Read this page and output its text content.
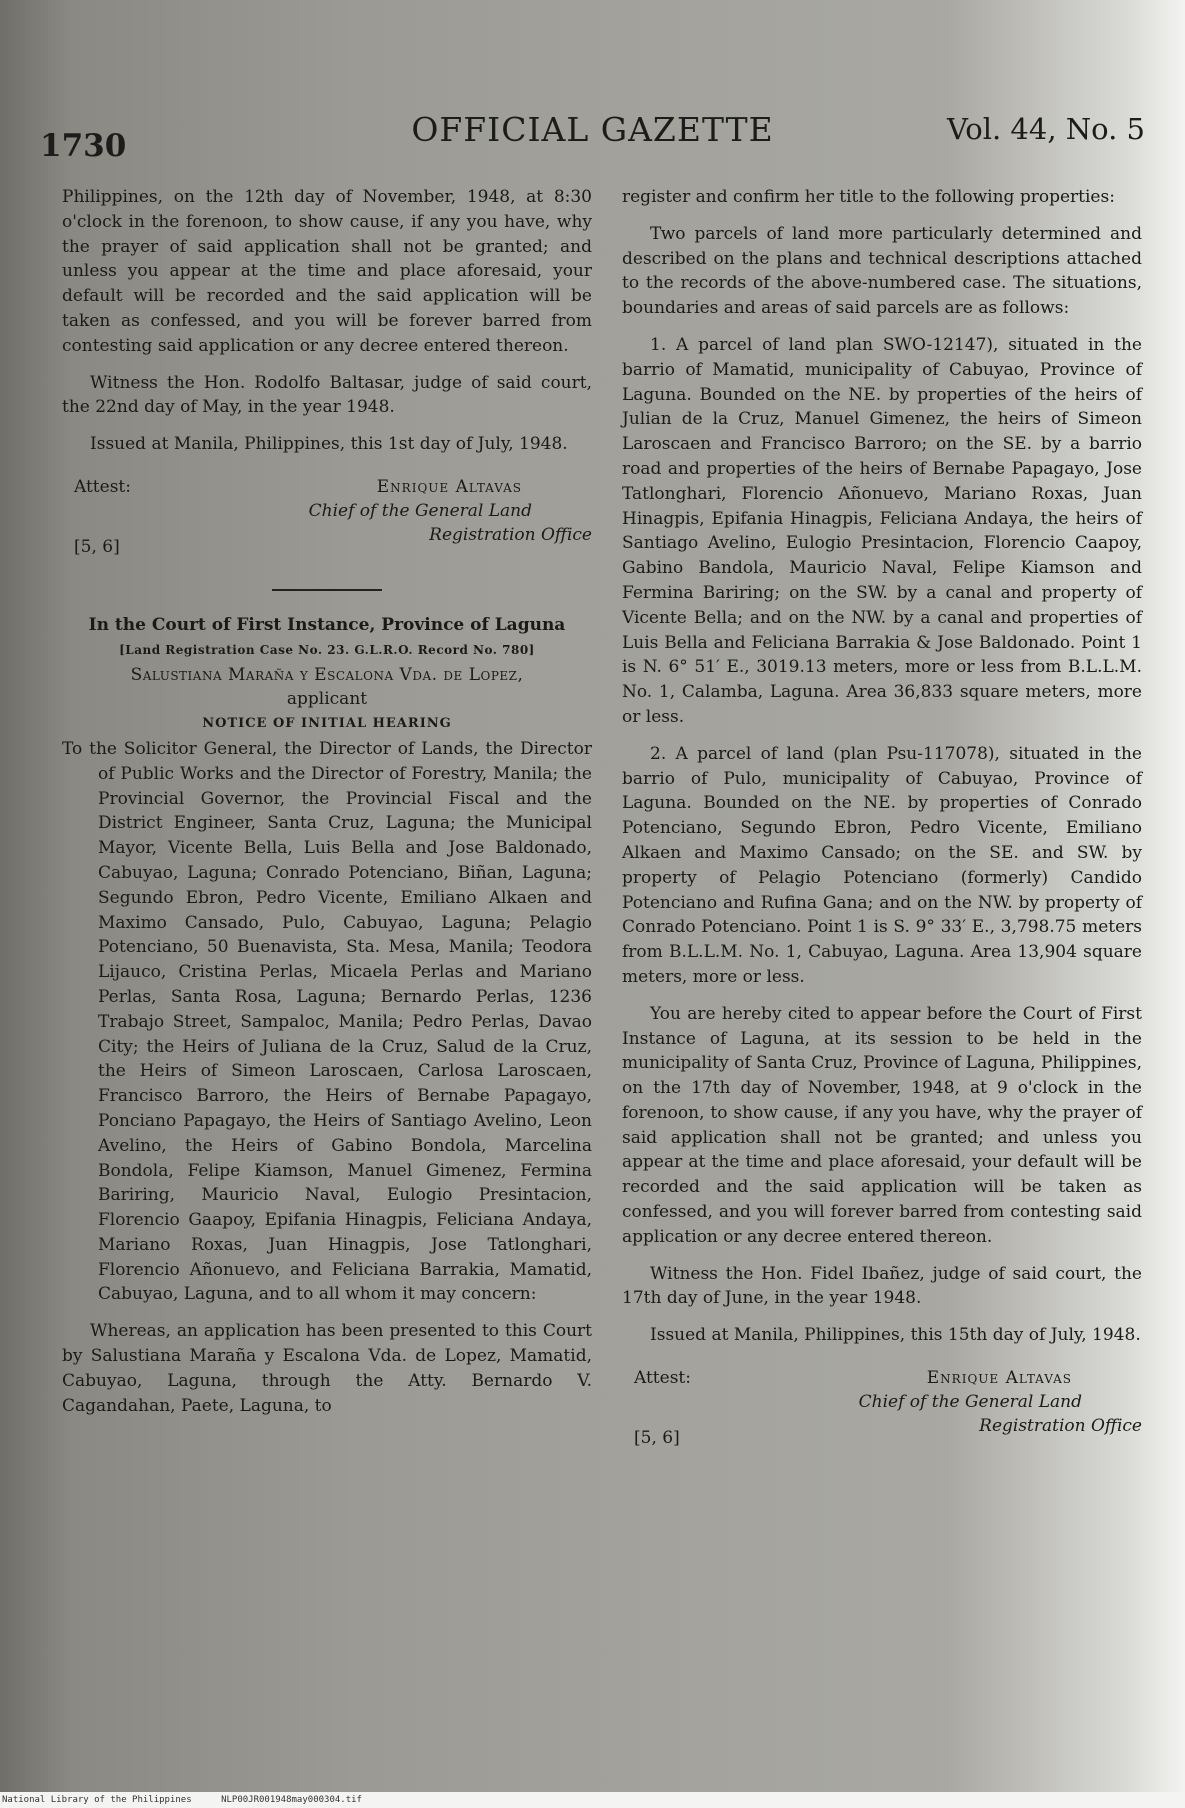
1730	OFFICIAL GAZETTE	Vol. 44, No. 5

Philippines, on the 12th day of November, 1948, at 8:30 o'clock in the forenoon, to show cause, if any you have, why the prayer of said application shall not be granted; and unless you appear at the time and place aforesaid, your default will be recorded and the said application will be taken as confessed, and you will be forever barred from contesting said application or any decree entered thereon.

Witness the Hon. Rodolfo Baltasar, judge of said court, the 22nd day of May, in the year 1948.

Issued at Manila, Philippines, this 1st day of July, 1948.

Attest:	Enrique Altavas
Chief of the General Land
Registration Office
[5, 6]

In the Court of First Instance, Province of Laguna

[Land Registration Case No. 23. G.L.R.O. Record No. 780]

Salustiana Maraña y Escalona Vda. de Lopez,

applicant

NOTICE OF INITIAL HEARING

To the Solicitor General, the Director of Lands, the Director of Public Works and the Director of Forestry, Manila; the Provincial Governor, the Provincial Fiscal and the District Engineer, Santa Cruz, Laguna; the Municipal Mayor, Vicente Bella, Luis Bella and Jose Baldonado, Cabuyao, Laguna; Conrado Potenciano, Biñan, Laguna; Segundo Ebron, Pedro Vicente, Emiliano Alkaen and Maximo Cansado, Pulo, Cabuyao, Laguna; Pelagio Potenciano, 50 Buenavista, Sta. Mesa, Manila; Teodora Lijauco, Cristina Perlas, Micaela Perlas and Mariano Perlas, Santa Rosa, Laguna; Bernardo Perlas, 1236 Trabajo Street, Sampaloc, Manila; Pedro Perlas, Davao City; the Heirs of Juliana de la Cruz, Salud de la Cruz, the Heirs of Simeon Laroscaen, Carlosa Laroscaen, Francisco Barroro, the Heirs of Bernabe Papagayo, Ponciano Papagayo, the Heirs of Santiago Avelino, Leon Avelino, the Heirs of Gabino Bondola, Marcelina Bondola, Felipe Kiamson, Manuel Gimenez, Fermina Bariring, Mauricio Naval, Eulogio Presintacion, Florencio Gaapoy, Epifania Hinagpis, Feliciana Andaya, Mariano Roxas, Juan Hinagpis, Jose Tatlonghari, Florencio Añonuevo, and Feliciana Barrakia, Mamatid, Cabuyao, Laguna, and to all whom it may concern:

Whereas, an application has been presented to this Court by Salustiana Maraña y Escalona Vda. de Lopez, Mamatid, Cabuyao, Laguna, through the Atty. Bernardo V. Cagandahan, Paete, Laguna, to

register and confirm her title to the following properties:

Two parcels of land more particularly determined and described on the plans and technical descriptions attached to the records of the above-numbered case. The situations, boundaries and areas of said parcels are as follows:

1. A parcel of land plan SWO-12147), situated in the barrio of Mamatid, municipality of Cabuyao, Province of Laguna. Bounded on the NE. by properties of the heirs of Julian de la Cruz, Manuel Gimenez, the heirs of Simeon Laroscaen and Francisco Barroro; on the SE. by a barrio road and properties of the heirs of Bernabe Papagayo, Jose Tatlonghari, Florencio Añonuevo, Mariano Roxas, Juan Hinagpis, Epifania Hinagpis, Feliciana Andaya, the heirs of Santiago Avelino, Eulogio Presintacion, Florencio Caapoy, Gabino Bandola, Mauricio Naval, Felipe Kiamson and Fermina Bariring; on the SW. by a canal and property of Vicente Bella; and on the NW. by a canal and properties of Luis Bella and Feliciana Barrakia & Jose Baldonado. Point 1 is N. 6° 51′ E., 3019.13 meters, more or less from B.L.L.M. No. 1, Calamba, Laguna. Area 36,833 square meters, more or less.

2. A parcel of land (plan Psu-117078), situated in the barrio of Pulo, municipality of Cabuyao, Province of Laguna. Bounded on the NE. by properties of Conrado Potenciano, Segundo Ebron, Pedro Vicente, Emiliano Alkaen and Maximo Cansado; on the SE. and SW. by property of Pelagio Potenciano (formerly) Candido Potenciano and Rufina Gana; and on the NW. by property of Conrado Potenciano. Point 1 is S. 9° 33′ E., 3,798.75 meters from B.L.L.M. No. 1, Cabuyao, Laguna. Area 13,904 square meters, more or less.

You are hereby cited to appear before the Court of First Instance of Laguna, at its session to be held in the municipality of Santa Cruz, Province of Laguna, Philippines, on the 17th day of November, 1948, at 9 o'clock in the forenoon, to show cause, if any you have, why the prayer of said application shall not be granted; and unless you appear at the time and place aforesaid, your default will be recorded and the said application will be taken as confessed, and you will forever barred from contesting said application or any decree entered thereon.

Witness the Hon. Fidel Ibañez, judge of said court, the 17th day of June, in the year 1948.

Issued at Manila, Philippines, this 15th day of July, 1948.

Attest:	Enrique Altavas
Chief of the General Land
Registration Office
[5, 6]
National Library of the Philippines	NLP00JR001948may000304.tif
